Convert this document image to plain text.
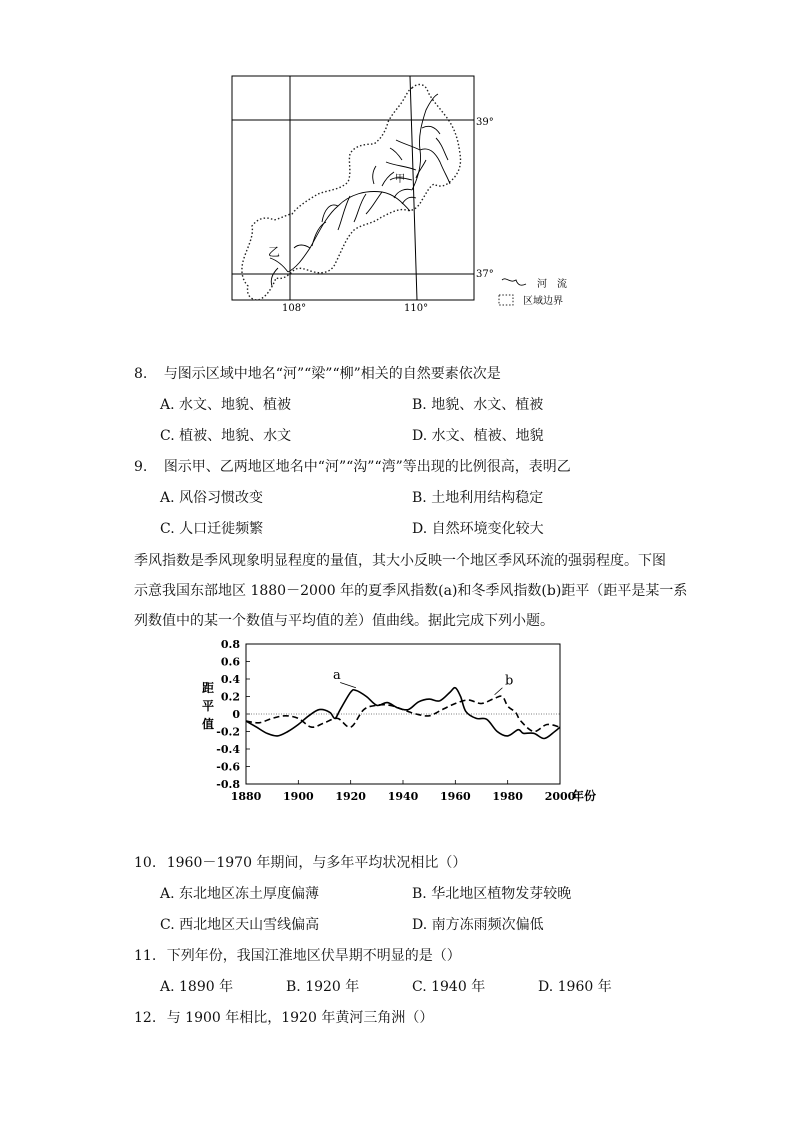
39°
37°
108°	110°
甲
乙
河　流
区域边界
8. 与图示区域中地名“河”“梁”“柳”相关的自然要素依次是
A. 水文、地貌、植被	B. 地貌、水文、植被
C. 植被、地貌、水文	D. 水文、植被、地貌
9. 图示甲、乙两地区地名中“河”“沟”“湾”等出现的比例很高，表明乙
A. 风俗习惯改变	B. 土地利用结构稳定
C. 人口迁徙频繁	D. 自然环境变化较大
季风指数是季风现象明显程度的量值，其大小反映一个地区季风环流的强弱程度。下图
示意我国东部地区 1880－2000 年的夏季风指数(a)和冬季风指数(b)距平（距平是某一系
列数值中的某一个数值与平均值的差）值曲线。据此完成下列小题。
0.8
0.6
0.4
0.2
0
-0.2
-0.4
-0.6
-0.8
1880 1900 1920 1940 1960 1980 2000
a	b
距平值
年份
10. 1960－1970 年期间，与多年平均状况相比（）
A. 东北地区冻土厚度偏薄	B. 华北地区植物发芽较晚
C. 西北地区天山雪线偏高	D. 南方冻雨频次偏低
11. 下列年份，我国江淮地区伏旱期不明显的是（）
A. 1890 年	B. 1920 年	C. 1940 年	D. 1960 年
12. 与 1900 年相比，1920 年黄河三角洲（）
